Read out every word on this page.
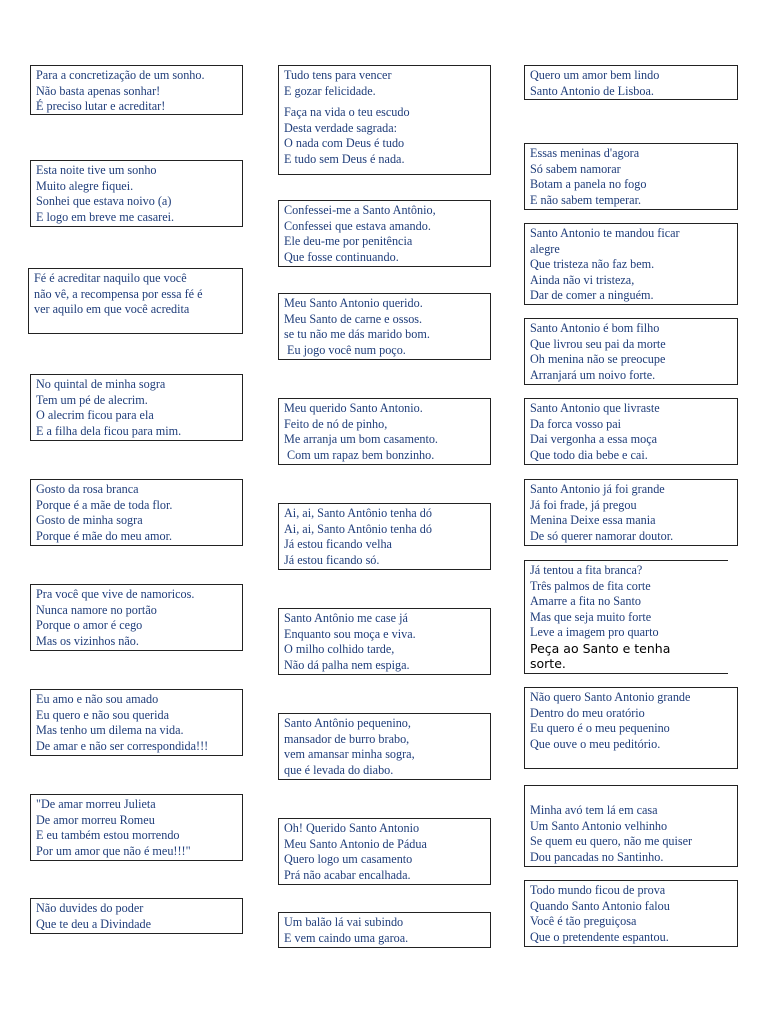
Para a concretização de um sonho.
Não basta apenas sonhar!
É preciso lutar e acreditar!
Esta noite tive um sonho
Muito alegre fiquei.
Sonhei que estava noivo (a)
E logo em breve me casarei.
Fé é acreditar naquilo que você
não vê, a recompensa por essa fé é
ver aquilo em que você acredita
No quintal de minha sogra
Tem um pé de alecrim.
O alecrim ficou para ela
E a filha dela ficou para mim.
Gosto da rosa branca
Porque é a mãe de toda flor.
Gosto de minha sogra
Porque é mãe do meu amor.
Pra você que vive de namoricos.
Nunca namore no portão
Porque o amor é cego
Mas os vizinhos não.
Eu amo e não sou amado
Eu quero e não sou querida
Mas tenho um dilema na vida.
De amar e não ser correspondida!!!
"De amar morreu Julieta
De amor morreu Romeu
E eu também estou morrendo
Por um amor que não é meu!!!"
Não duvides do poder
Que te deu a Divindade
Tudo tens para vencer
E gozar felicidade.
Faça na vida o teu escudo
Desta verdade sagrada:
O nada com Deus é tudo
E tudo sem Deus é nada.
Confessei-me a Santo Antônio,
Confessei que estava amando.
Ele deu-me por penitência
Que fosse continuando.
Meu Santo Antonio querido.
Meu Santo de carne e ossos.
se tu não me dás marido bom.
Eu jogo você num poço.
Meu querido Santo Antonio.
Feito de nó de pinho,
Me arranja um bom casamento.
Com um rapaz bem bonzinho.
Ai, ai, Santo Antônio tenha dó
Ai, ai, Santo Antônio tenha dó
Já estou ficando velha
Já estou ficando só.
Santo Antônio me case já
Enquanto sou moça e viva.
O milho colhido tarde,
Não dá palha nem espiga.
Santo Antônio pequenino,
mansador de burro brabo,
vem amansar minha sogra,
que é levada do diabo.
Oh! Querido Santo Antonio
Meu Santo Antonio de Pádua
Quero logo um casamento
Prá não acabar encalhada.
Um balão lá vai subindo
E vem caindo uma garoa.
Quero um amor bem lindo
Santo Antonio de Lisboa.
Essas meninas d'agora
Só sabem namorar
Botam a panela no fogo
E não sabem temperar.
Santo Antonio te mandou ficar
alegre
Que tristeza não faz bem.
Ainda não vi tristeza,
Dar de comer a ninguém.
Santo Antonio é bom filho
Que livrou seu pai da morte
Oh menina não se preocupe
Arranjará um noivo forte.
Santo Antonio que livraste
Da forca vosso pai
Dai vergonha a essa moça
Que todo dia bebe e cai.
Santo Antonio já foi grande
Já foi frade, já pregou
Menina Deixe essa mania
De só querer namorar doutor.
Já tentou a fita branca?
Três palmos de fita corte
Amarre a fita no Santo
Mas que seja muito forte
Leve a imagem pro quarto
Peça ao Santo e tenha
sorte.
Não quero Santo Antonio grande
Dentro do meu oratório
Eu quero é o meu pequenino
Que ouve o meu peditório.
Minha avó tem lá em casa
Um Santo Antonio velhinho
Se quem eu quero, não me quiser
Dou pancadas no Santinho.
Todo mundo ficou de prova
Quando Santo Antonio falou
Você é tão preguiçosa
Que o pretendente espantou.
